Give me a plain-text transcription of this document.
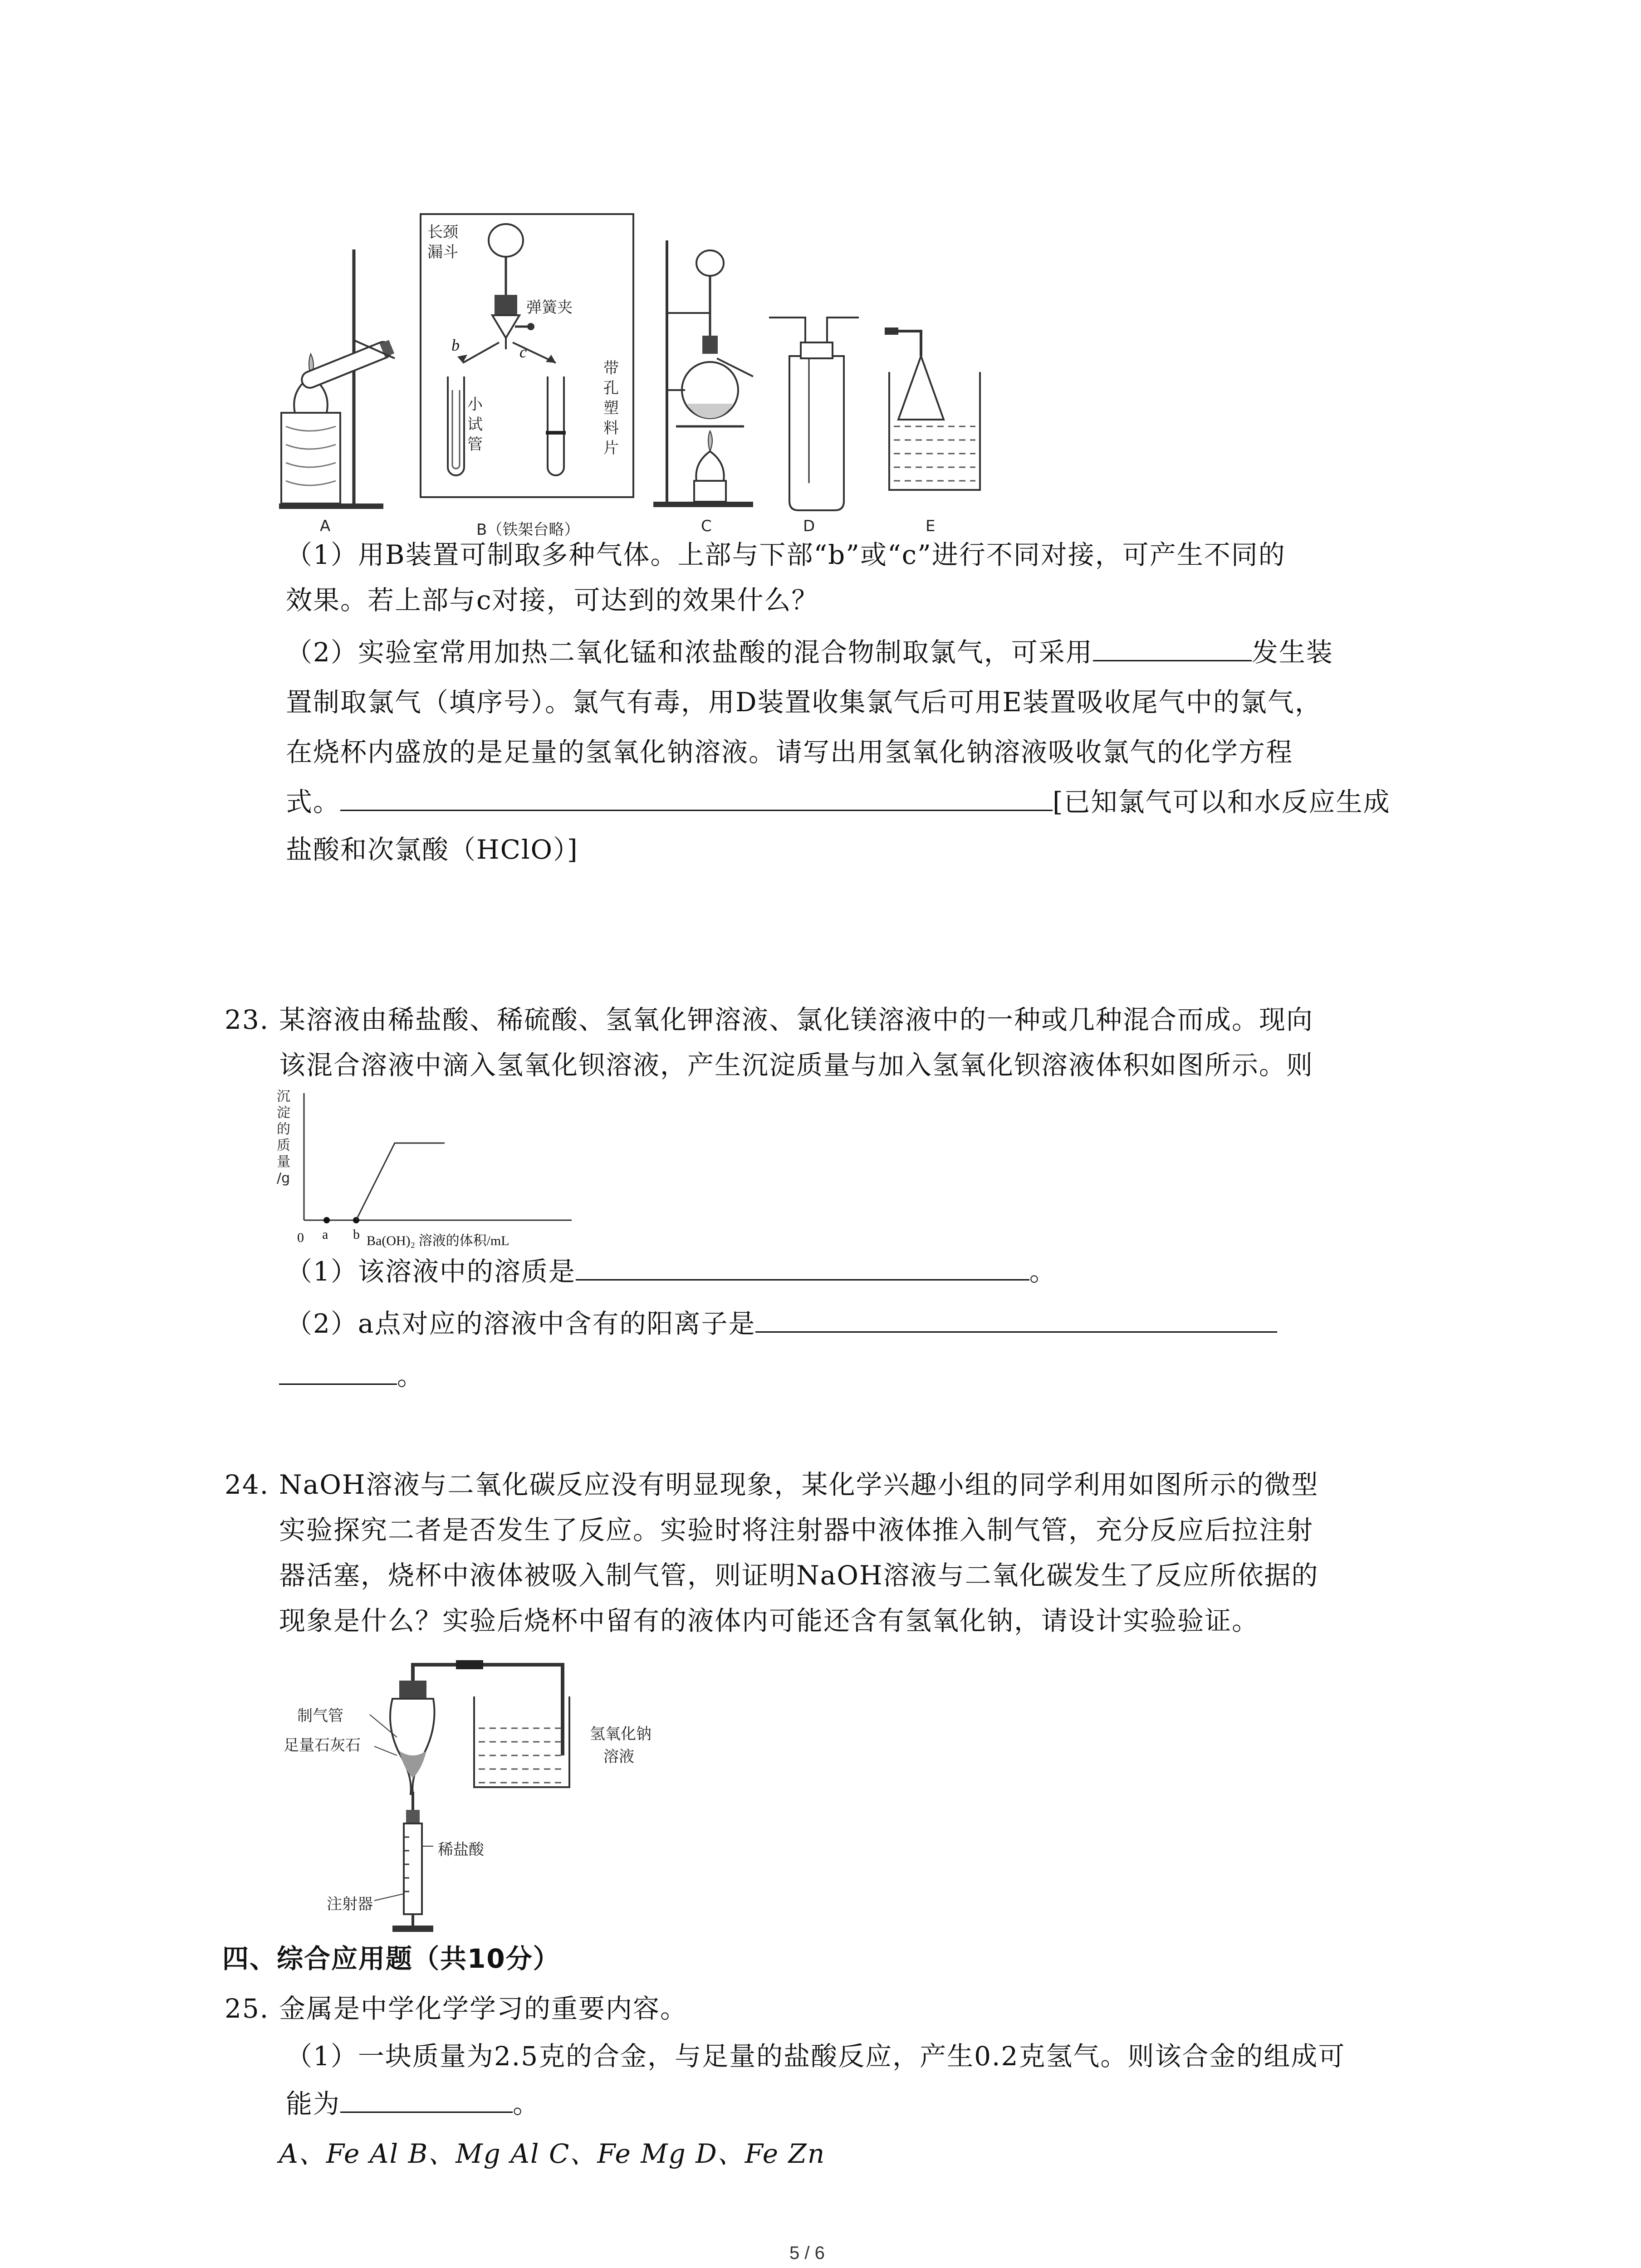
长颈漏斗
弹簧夹
b	c
小试管
带孔塑料片
A	B（铁架台略）	C	D	E
（1）用B装置可制取多种气体。上部与下部“b”或“c”进行不同对接，可产生不同的
效果。若上部与c对接，可达到的效果什么？
（2）实验室常用加热二氧化锰和浓盐酸的混合物制取氯气，可采用	发生装
置制取氯气（填序号）。氯气有毒，用D装置收集氯气后可用E装置吸收尾气中的氯气，
在烧杯内盛放的是足量的氢氧化钠溶液。请写出用氢氧化钠溶液吸收氯气的化学方程
式。	[已知氯气可以和水反应生成
盐酸和次氯酸（HClO）]
23. 某溶液由稀盐酸、稀硫酸、氢氧化钾溶液、氯化镁溶液中的一种或几种混合而成。现向
该混合溶液中滴入氢氧化钡溶液，产生沉淀质量与加入氢氧化钡溶液体积如图所示。则
沉
淀
的
质
量
/g
0 a b Ba(OH)₂ 溶液的体积/mL
（1）该溶液中的溶质是	。
（2）a点对应的溶液中含有的阳离子是
。
24. NaOH溶液与二氧化碳反应没有明显现象，某化学兴趣小组的同学利用如图所示的微型
实验探究二者是否发生了反应。实验时将注射器中液体推入制气管，充分反应后拉注射
器活塞，烧杯中液体被吸入制气管，则证明NaOH溶液与二氧化碳发生了反应所依据的
现象是什么？实验后烧杯中留有的液体内可能还含有氢氧化钠，请设计实验验证。
制气管
足量石灰石
氢氧化钠
溶液
稀盐酸
注射器
四、综合应用题（共10分）
25. 金属是中学化学学习的重要内容。
（1）一块质量为2.5克的合金，与足量的盐酸反应，产生0.2克氢气。则该合金的组成可
能为	。
A、Fe Al B、Mg Al C、Fe Mg D、Fe Zn
5 / 6
